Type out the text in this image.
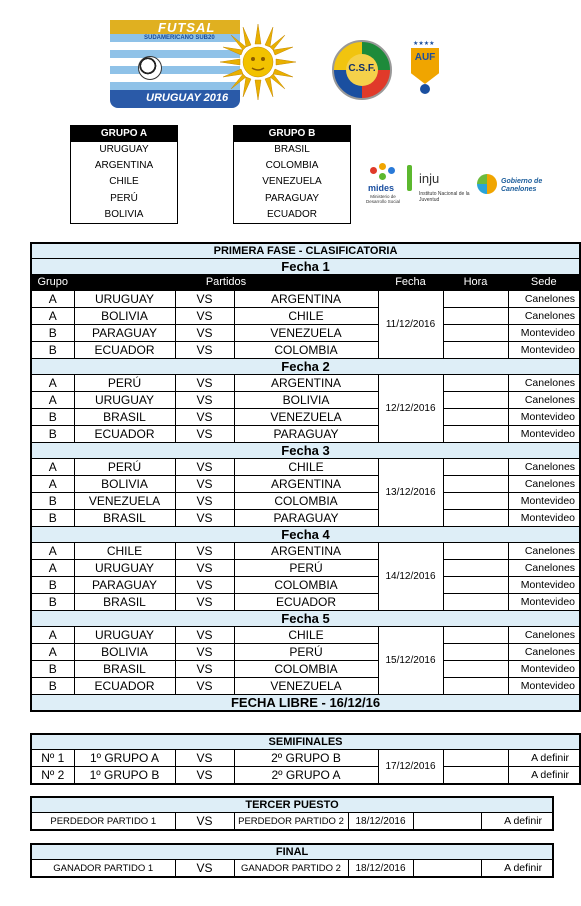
FUTSAL
SUDAMERICANO SUB20
URUGUAY 2016
C.S.F.
★★★★
AUF
GRUPO A
URUGUAY
ARGENTINA
CHILE
PERÚ
BOLIVIA
GRUPO B
BRASIL
COLOMBIA
VENEZUELA
PARAGUAY
ECUADOR
mides
Ministerio de Desarrollo Social
inju
Instituto Nacional de la Juventud
Gobierno de Canelones
PRIMERA FASE - CLASIFICATORIA						
Fecha 1						
Grupo	Partidos			Fecha	Hora	Sede
A	URUGUAY	VS	ARGENTINA	11/12/2016		Canelones
A	BOLIVIA	VS	CHILE			Canelones
B	PARAGUAY	VS	VENEZUELA			Montevideo
B	ECUADOR	VS	COLOMBIA			Montevideo
Fecha 2						
A	PERÚ	VS	ARGENTINA	12/12/2016		Canelones
A	URUGUAY	VS	BOLIVIA			Canelones
B	BRASIL	VS	VENEZUELA			Montevideo
B	ECUADOR	VS	PARAGUAY			Montevideo
Fecha 3						
A	PERÚ	VS	CHILE	13/12/2016		Canelones
A	BOLIVIA	VS	ARGENTINA			Canelones
B	VENEZUELA	VS	COLOMBIA			Montevideo
B	BRASIL	VS	PARAGUAY			Montevideo
Fecha 4						
A	CHILE	VS	ARGENTINA	14/12/2016		Canelones
A	URUGUAY	VS	PERÚ			Canelones
B	PARAGUAY	VS	COLOMBIA			Montevideo
B	BRASIL	VS	ECUADOR			Montevideo
Fecha 5						
A	URUGUAY	VS	CHILE	15/12/2016		Canelones
A	BOLIVIA	VS	PERÚ			Canelones
B	BRASIL	VS	COLOMBIA			Montevideo
B	ECUADOR	VS	VENEZUELA			Montevideo
FECHA LIBRE - 16/12/16						
SEMIFINALES						
Nº 1	1º GRUPO A	VS	2º GRUPO B	17/12/2016		A definir
Nº 2	1º GRUPO B	VS	2º GRUPO A			A definir
TERCER PUESTO
PERDEDOR PARTIDO 1	VS	PERDEDOR PARTIDO 2	18/12/2016		A definir
FINAL
GANADOR PARTIDO 1	VS	GANADOR PARTIDO 2	18/12/2016		A definir
